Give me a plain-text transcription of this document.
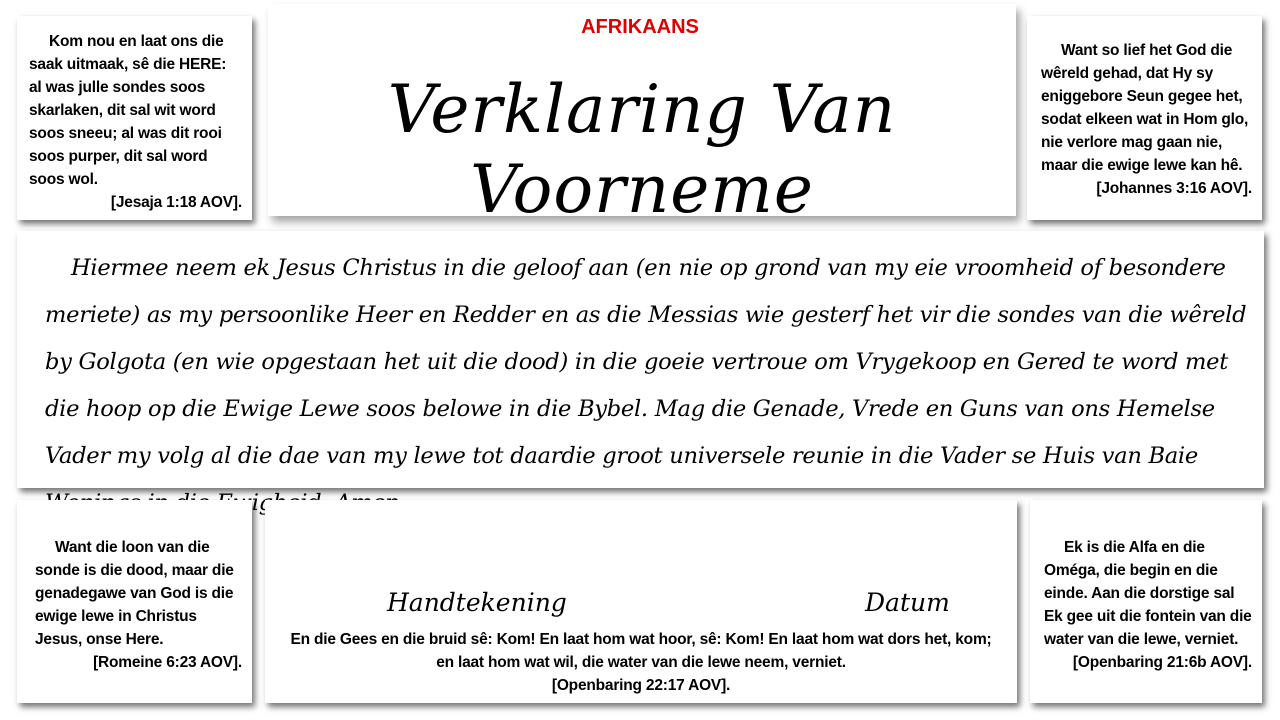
Verklaring Van Voorneme
AFRIKAANS

Kom nou en laat ons die

saak uitmaak, sê die HERE:

al was julle sondes soos

skarlaken, dit sal wit word

soos sneeu; al was dit rooi

soos purper, dit sal word

soos wol.

[Jesaja 1:18 AOV].

Want so lief het God die

wêreld gehad, dat Hy sy

eniggebore Seun gegee het,

sodat elkeen wat in Hom glo,

nie verlore mag gaan nie,

maar die ewige lewe kan hê.

[Johannes 3:16 AOV].

Hiermee neem ek Jesus Christus in die geloof aan (en nie op grond van my eie vroomheid of besondere meriete) as my persoonlike Heer en Redder en as die Messias wie gesterf het vir die sondes van die wêreld by Golgota (en wie opgestaan het uit die dood) in die goeie vertroue om Vrygekoop en Gered te word met die hoop op die Ewige Lewe soos belowe in die Bybel. Mag die Genade, Vrede en Guns van ons Hemelse Vader my volg al die dae van my lewe tot daardie groot universele reunie in die Vader se Huis van Baie

Want die loon van die sonde is die dood, maar die genadegawe van God is die ewige lewe in Christus Jesus, onse Here.

[Romeine 6:23 AOV].

Handtekening	Datum

En die Gees en die bruid sê: Kom! En laat hom wat hoor, sê: Kom! En laat hom wat dors het, kom;

en laat hom wat wil, die water van die lewe neem, verniet.

[Openbaring 22:17 AOV].

Ek is die Alfa en die Oméga, die begin en die einde. Aan die dorstige sal Ek gee uit die fontein van die water van die lewe, verniet.

[Openbaring 21:6b AOV].
